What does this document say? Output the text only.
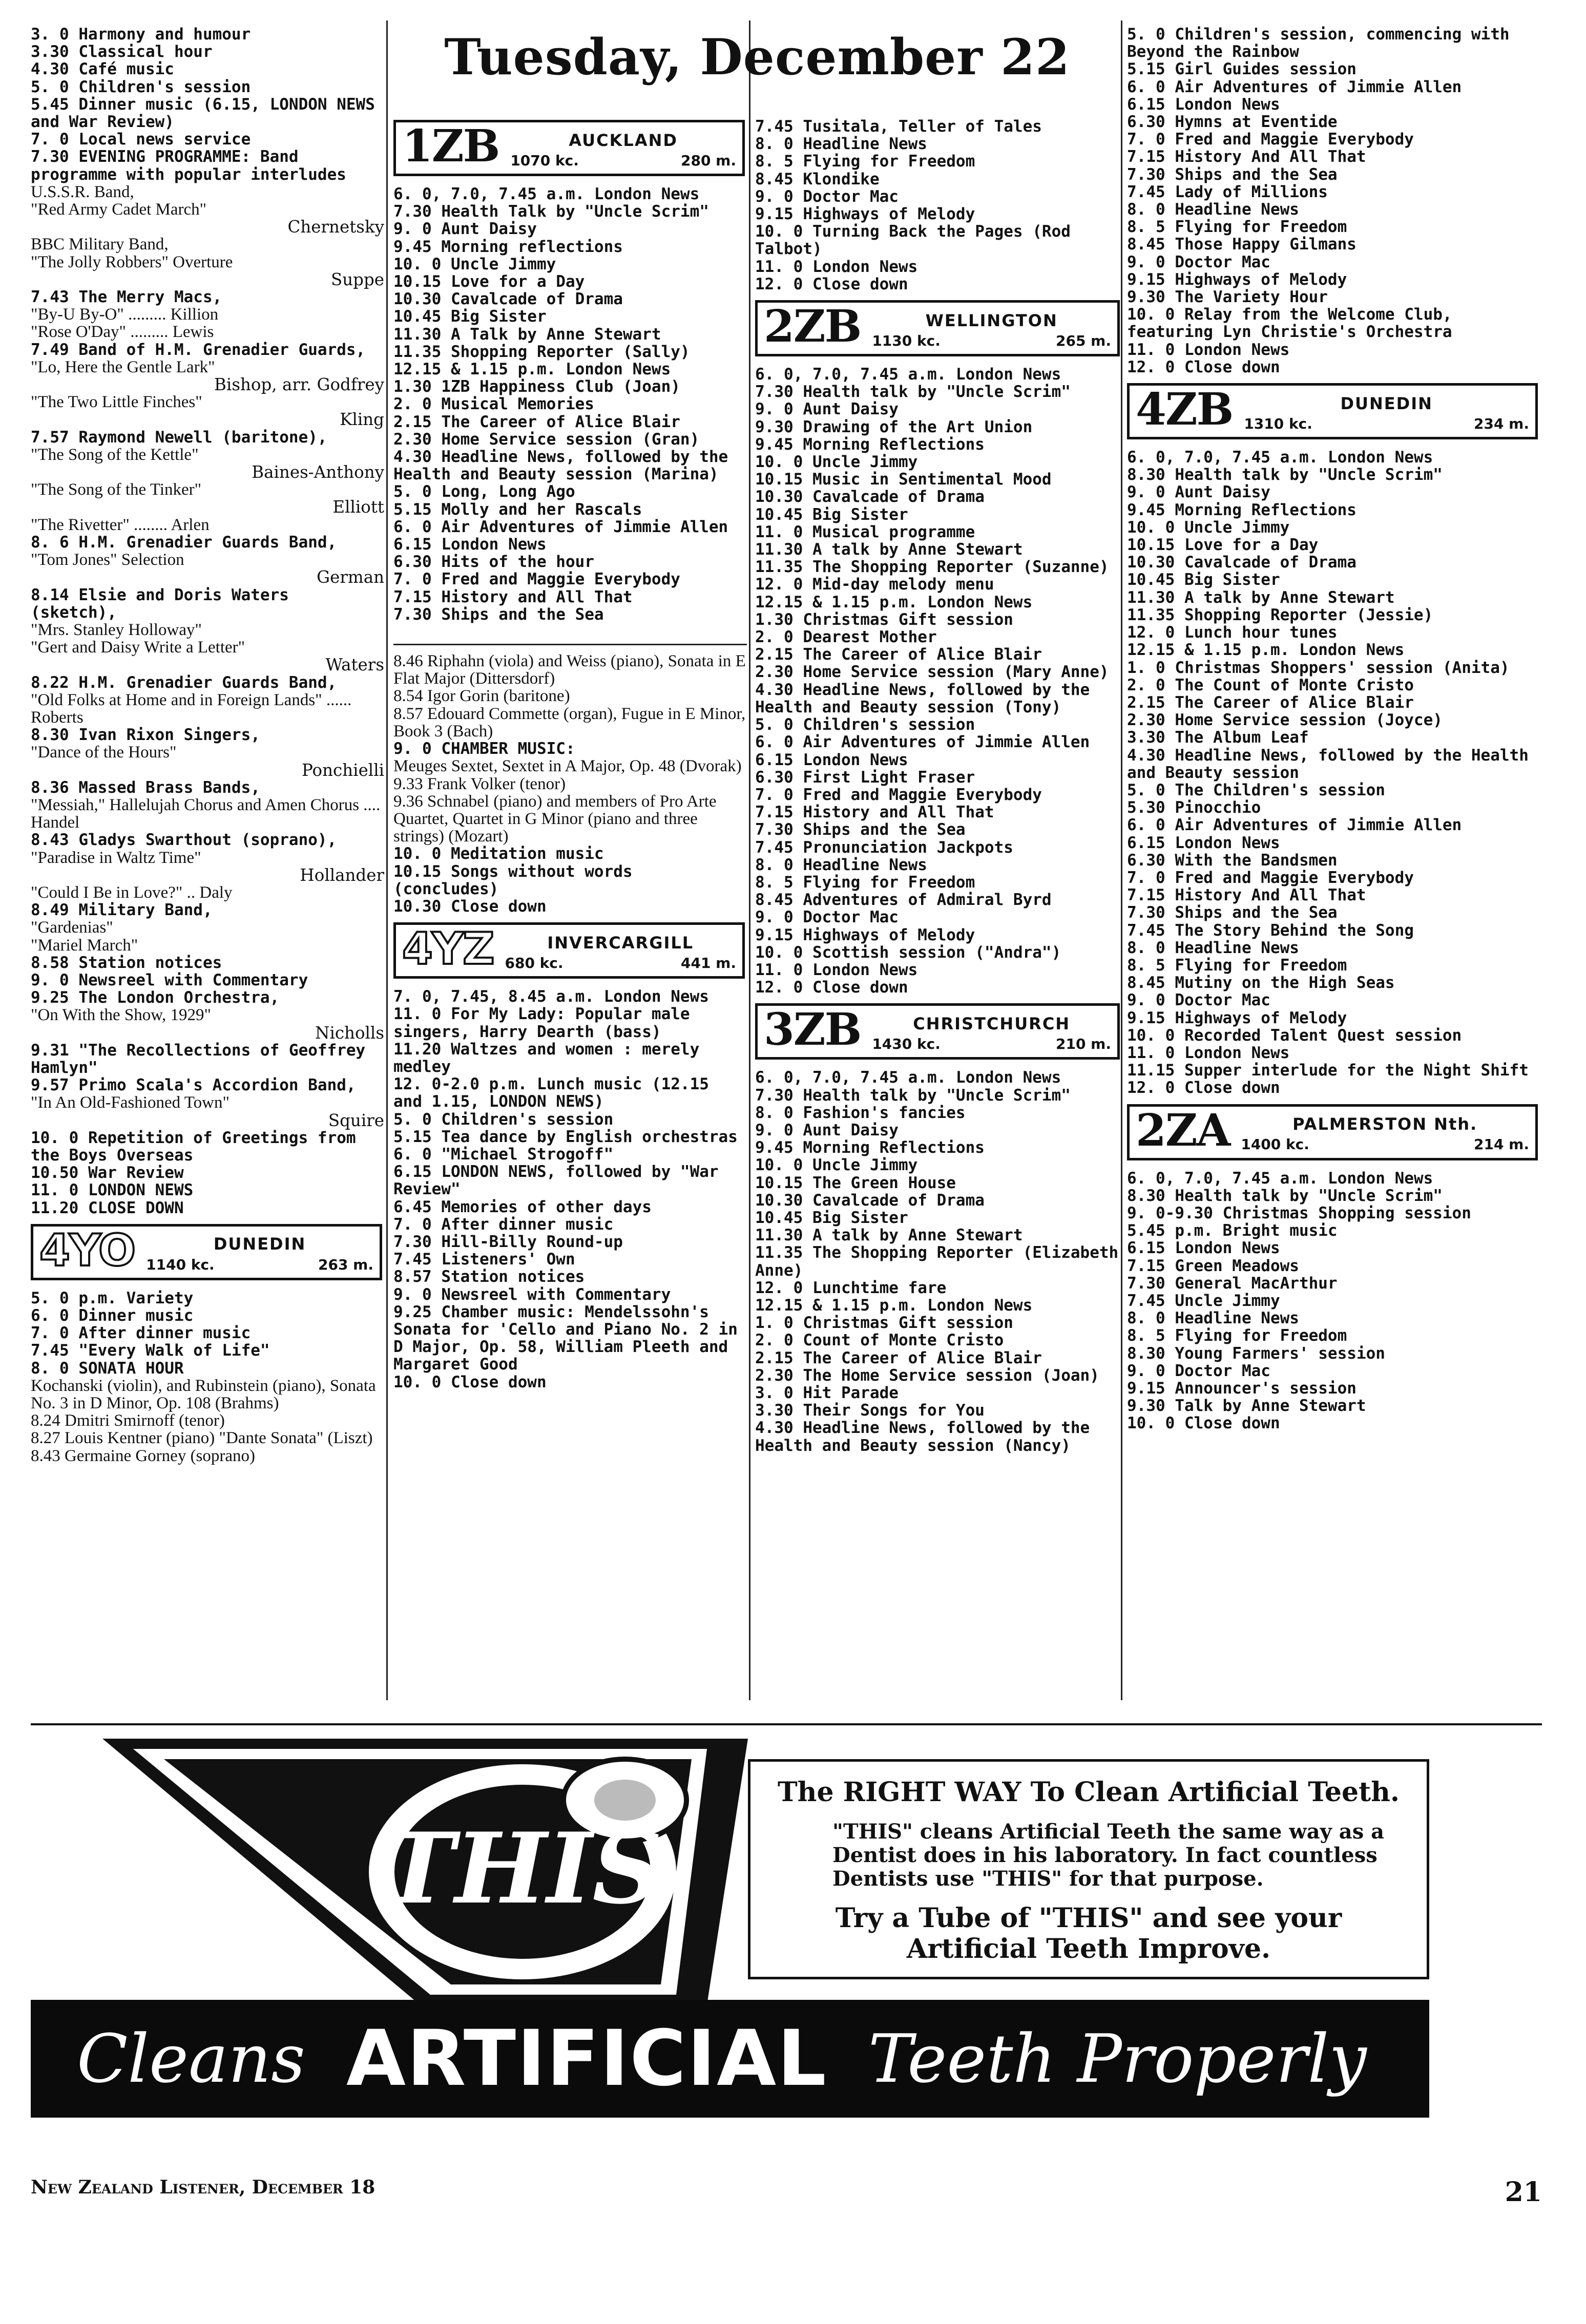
3. 0 Harmony and humour
3.30 Classical hour
4.30 Café music
5. 0 Children's session
5.45 Dinner music (6.15, LONDON NEWS and War Review)
7. 0 Local news service
7.30 EVENING PROGRAMME: Band programme with popular interludes
U.S.S.R. Band,
"Red Army Cadet March"
Chernetsky
BBC Military Band,
"The Jolly Robbers" Overture
Suppe
7.43 The Merry Macs,
"By-U By-O" ......... Killion
"Rose O'Day" ......... Lewis
7.49 Band of H.M. Grenadier Guards,
"Lo, Here the Gentle Lark"
Bishop, arr. Godfrey
"The Two Little Finches"
Kling
7.57 Raymond Newell (baritone),
"The Song of the Kettle"
Baines-Anthony
"The Song of the Tinker"
Elliott
"The Rivetter" ........ Arlen
8. 6 H.M. Grenadier Guards Band,
"Tom Jones" Selection
German
8.14 Elsie and Doris Waters (sketch),
"Mrs. Stanley Holloway"
"Gert and Daisy Write a Letter"
Waters
8.22 H.M. Grenadier Guards Band,
"Old Folks at Home and in Foreign Lands" ...... Roberts
8.30 Ivan Rixon Singers,
"Dance of the Hours"
Ponchielli
8.36 Massed Brass Bands,
"Messiah," Hallelujah Chorus and Amen Chorus .... Handel
8.43 Gladys Swarthout (soprano),
"Paradise in Waltz Time"
Hollander
"Could I Be in Love?" .. Daly
8.49 Military Band,
"Gardenias"
"Mariel March"
8.58 Station notices
9. 0 Newsreel with Commentary
9.25 The London Orchestra,
"On With the Show, 1929"
Nicholls
9.31 "The Recollections of Geoffrey Hamlyn"
9.57 Primo Scala's Accordion Band,
"In An Old-Fashioned Town"
Squire
10. 0 Repetition of Greetings from the Boys Overseas
10.50 War Review
11. 0 LONDON NEWS
11.20 CLOSE DOWN
4YO	DUNEDIN
1140 kc.	263 m.
5. 0 p.m. Variety
6. 0 Dinner music
7. 0 After dinner music
7.45 "Every Walk of Life"
8. 0 SONATA HOUR
Kochanski (violin), and Rubinstein (piano), Sonata No. 3 in D Minor, Op. 108 (Brahms)
8.24 Dmitri Smirnoff (tenor)
8.27 Louis Kentner (piano) "Dante Sonata" (Liszt)
8.43 Germaine Gorney (soprano)
Tuesday, December 22
1ZB	AUCKLAND
1070 kc.	280 m.
6. 0, 7.0, 7.45 a.m. London News
7.30 Health Talk by "Uncle Scrim"
9. 0 Aunt Daisy
9.45 Morning reflections
10. 0 Uncle Jimmy
10.15 Love for a Day
10.30 Cavalcade of Drama
10.45 Big Sister
11.30 A Talk by Anne Stewart
11.35 Shopping Reporter (Sally)
12.15 & 1.15 p.m. London News
1.30 1ZB Happiness Club (Joan)
2. 0 Musical Memories
2.15 The Career of Alice Blair
2.30 Home Service session (Gran)
4.30 Headline News, followed by the Health and Beauty session (Marina)
5. 0 Long, Long Ago
5.15 Molly and her Rascals
6. 0 Air Adventures of Jimmie Allen
6.15 London News
6.30 Hits of the hour
7. 0 Fred and Maggie Everybody
7.15 History and All That
7.30 Ships and the Sea
8.46 Riphahn (viola) and Weiss (piano), Sonata in E Flat Major (Dittersdorf)
8.54 Igor Gorin (baritone)
8.57 Edouard Commette (organ), Fugue in E Minor, Book 3 (Bach)
9. 0 CHAMBER MUSIC:
Meuges Sextet, Sextet in A Major, Op. 48 (Dvorak)
9.33 Frank Volker (tenor)
9.36 Schnabel (piano) and members of Pro Arte Quartet, Quartet in G Minor (piano and three strings) (Mozart)
10. 0 Meditation music
10.15 Songs without words (concludes)
10.30 Close down
4YZ	INVERCARGILL
680 kc.	441 m.
7. 0, 7.45, 8.45 a.m. London News
11. 0 For My Lady: Popular male singers, Harry Dearth (bass)
11.20 Waltzes and women : merely medley
12. 0-2.0 p.m. Lunch music (12.15 and 1.15, LONDON NEWS)
5. 0 Children's session
5.15 Tea dance by English orchestras
6. 0 "Michael Strogoff"
6.15 LONDON NEWS, followed by "War Review"
6.45 Memories of other days
7. 0 After dinner music
7.30 Hill-Billy Round-up
7.45 Listeners' Own
8.57 Station notices
9. 0 Newsreel with Commentary
9.25 Chamber music: Mendelssohn's Sonata for 'Cello and Piano No. 2 in D Major, Op. 58, William Pleeth and Margaret Good
10. 0 Close down
7.45 Tusitala, Teller of Tales
8. 0 Headline News
8. 5 Flying for Freedom
8.45 Klondike
9. 0 Doctor Mac
9.15 Highways of Melody
10. 0 Turning Back the Pages (Rod Talbot)
11. 0 London News
12. 0 Close down
2ZB	WELLINGTON
1130 kc.	265 m.
6. 0, 7.0, 7.45 a.m. London News
7.30 Health talk by "Uncle Scrim"
9. 0 Aunt Daisy
9.30 Drawing of the Art Union
9.45 Morning Reflections
10. 0 Uncle Jimmy
10.15 Music in Sentimental Mood
10.30 Cavalcade of Drama
10.45 Big Sister
11. 0 Musical programme
11.30 A talk by Anne Stewart
11.35 The Shopping Reporter (Suzanne)
12. 0 Mid-day melody menu
12.15 & 1.15 p.m. London News
1.30 Christmas Gift session
2. 0 Dearest Mother
2.15 The Career of Alice Blair
2.30 Home Service session (Mary Anne)
4.30 Headline News, followed by the Health and Beauty session (Tony)
5. 0 Children's session
6. 0 Air Adventures of Jimmie Allen
6.15 London News
6.30 First Light Fraser
7. 0 Fred and Maggie Everybody
7.15 History and All That
7.30 Ships and the Sea
7.45 Pronunciation Jackpots
8. 0 Headline News
8. 5 Flying for Freedom
8.45 Adventures of Admiral Byrd
9. 0 Doctor Mac
9.15 Highways of Melody
10. 0 Scottish session ("Andra")
11. 0 London News
12. 0 Close down
3ZB	CHRISTCHURCH
1430 kc.	210 m.
6. 0, 7.0, 7.45 a.m. London News
7.30 Health talk by "Uncle Scrim"
8. 0 Fashion's fancies
9. 0 Aunt Daisy
9.45 Morning Reflections
10. 0 Uncle Jimmy
10.15 The Green House
10.30 Cavalcade of Drama
10.45 Big Sister
11.30 A talk by Anne Stewart
11.35 The Shopping Reporter (Elizabeth Anne)
12. 0 Lunchtime fare
12.15 & 1.15 p.m. London News
1. 0 Christmas Gift session
2. 0 Count of Monte Cristo
2.15 The Career of Alice Blair
2.30 The Home Service session (Joan)
3. 0 Hit Parade
3.30 Their Songs for You
4.30 Headline News, followed by the Health and Beauty session (Nancy)
5. 0 Children's session, commencing with Beyond the Rainbow
5.15 Girl Guides session
6. 0 Air Adventures of Jimmie Allen
6.15 London News
6.30 Hymns at Eventide
7. 0 Fred and Maggie Everybody
7.15 History And All That
7.30 Ships and the Sea
7.45 Lady of Millions
8. 0 Headline News
8. 5 Flying for Freedom
8.45 Those Happy Gilmans
9. 0 Doctor Mac
9.15 Highways of Melody
9.30 The Variety Hour
10. 0 Relay from the Welcome Club, featuring Lyn Christie's Orchestra
11. 0 London News
12. 0 Close down
4ZB	DUNEDIN
1310 kc.	234 m.
6. 0, 7.0, 7.45 a.m. London News
8.30 Health talk by "Uncle Scrim"
9. 0 Aunt Daisy
9.45 Morning Reflections
10. 0 Uncle Jimmy
10.15 Love for a Day
10.30 Cavalcade of Drama
10.45 Big Sister
11.30 A talk by Anne Stewart
11.35 Shopping Reporter (Jessie)
12. 0 Lunch hour tunes
12.15 & 1.15 p.m. London News
1. 0 Christmas Shoppers' session (Anita)
2. 0 The Count of Monte Cristo
2.15 The Career of Alice Blair
2.30 Home Service session (Joyce)
3.30 The Album Leaf
4.30 Headline News, followed by the Health and Beauty session
5. 0 The Children's session
5.30 Pinocchio
6. 0 Air Adventures of Jimmie Allen
6.15 London News
6.30 With the Bandsmen
7. 0 Fred and Maggie Everybody
7.15 History And All That
7.30 Ships and the Sea
7.45 The Story Behind the Song
8. 0 Headline News
8. 5 Flying for Freedom
8.45 Mutiny on the High Seas
9. 0 Doctor Mac
9.15 Highways of Melody
10. 0 Recorded Talent Quest session
11. 0 London News
11.15 Supper interlude for the Night Shift
12. 0 Close down
2ZA	PALMERSTON Nth.
1400 kc.	214 m.
6. 0, 7.0, 7.45 a.m. London News
8.30 Health talk by "Uncle Scrim"
9. 0-9.30 Christmas Shopping session
5.45 p.m. Bright music
6.15 London News
7.15 Green Meadows
7.30 General MacArthur
7.45 Uncle Jimmy
8. 0 Headline News
8. 5 Flying for Freedom
8.30 Young Farmers' session
9. 0 Doctor Mac
9.15 Announcer's session
9.30 Talk by Anne Stewart
10. 0 Close down
THIS
The RIGHT WAY To Clean Artificial Teeth.
"THIS" cleans Artificial Teeth the same way as a Dentist does in his laboratory. In fact countless Dentists use "THIS" for that purpose.
Try a Tube of "THIS" and see your Artificial Teeth Improve.
Cleans ARTIFICIAL Teeth Properly
New Zealand Listener, December 18	21
